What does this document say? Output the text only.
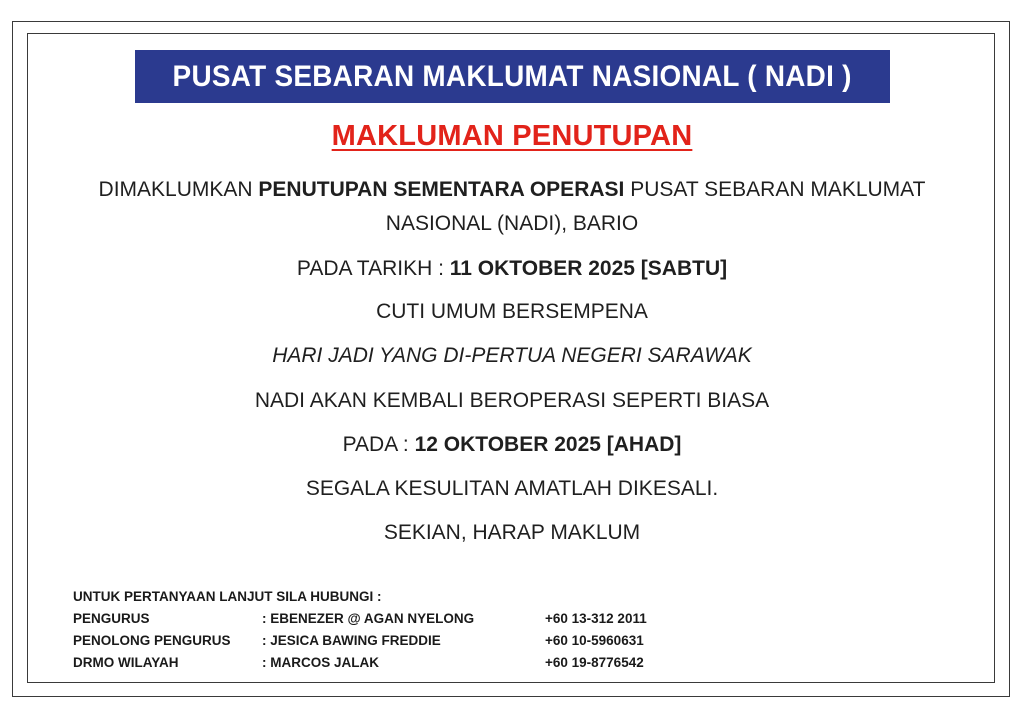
PUSAT SEBARAN MAKLUMAT NASIONAL ( NADI )
MAKLUMAN PENUTUPAN
DIMAKLUMKAN PENUTUPAN SEMENTARA OPERASI PUSAT SEBARAN MAKLUMAT
NASIONAL (NADI), BARIO
PADA TARIKH : 11 OKTOBER 2025 [SABTU]
CUTI UMUM BERSEMPENA
HARI JADI YANG DI-PERTUA NEGERI SARAWAK
NADI AKAN KEMBALI BEROPERASI SEPERTI BIASA
PADA : 12 OKTOBER 2025 [AHAD]
SEGALA KESULITAN AMATLAH DIKESALI.
SEKIAN, HARAP MAKLUM
UNTUK PERTANYAAN LANJUT SILA HUBUNGI :
PENGURUS	: EBENEZER @ AGAN NYELONG	+60 13-312 2011
PENOLONG PENGURUS : JESICA BAWING FREDDIE	+60 10-5960631
DRMO WILAYAH	: MARCOS JALAK	+60 19-8776542
